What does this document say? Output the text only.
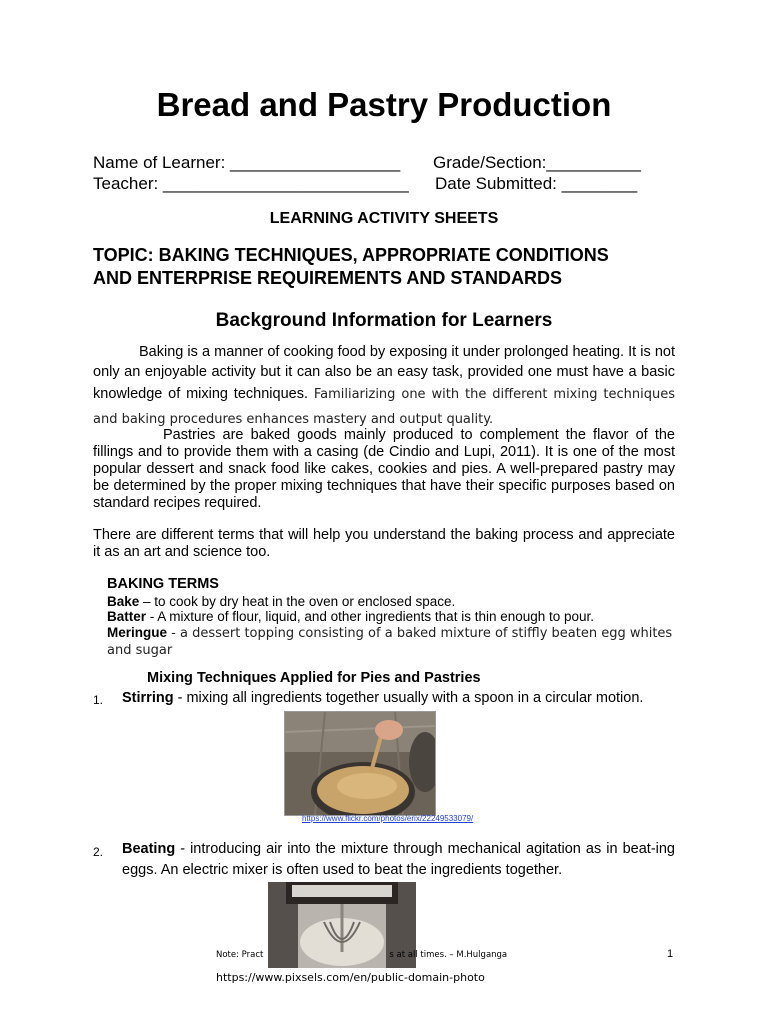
Bread and Pastry Production
Name of Learner: __________________ Grade/Section:__________
Teacher: __________________________ Date Submitted: ________
LEARNING ACTIVITY SHEETS
TOPIC: BAKING TECHNIQUES, APPROPRIATE CONDITIONS
AND ENTERPRISE REQUIREMENTS AND STANDARDS
Background Information for Learners
Baking is a manner of cooking food by exposing it under prolonged heating. It is not only an enjoyable activity but it can also be an easy task, provided one must have a basic knowledge of mixing techniques. Familiarizing one with the different mixing techniques and baking procedures enhances mastery and output quality.
Pastries are baked goods mainly produced to complement the flavor of the fillings and to provide them with a casing (de Cindio and Lupi, 2011). It is one of the most popular dessert and snack food like cakes, cookies and pies. A well-prepared pastry may be determined by the proper mixing techniques that have their specific purposes based on standard recipes required.
There are different terms that will help you understand the baking process and appreciate it as an art and science too.
BAKING TERMS
Bake – to cook by dry heat in the oven or enclosed space.
Batter - A mixture of flour, liquid, and other ingredients that is thin enough to pour.
Meringue - a dessert topping consisting of a baked mixture of stiffly beaten egg whites and sugar
Mixing Techniques Applied for Pies and Pastries
1. Stirring - mixing all ingredients together usually with a spoon in a circular motion.
https://www.flickr.com/photos/erix/22249533079/
2. Beating - introducing air into the mixture through mechanical agitation as in beat-ing eggs. An electric mixer is often used to beat the ingredients together.
Note: Pract	s at all times. – M.Hulganga	1
https://www.pixsels.com/en/public-domain-photo
